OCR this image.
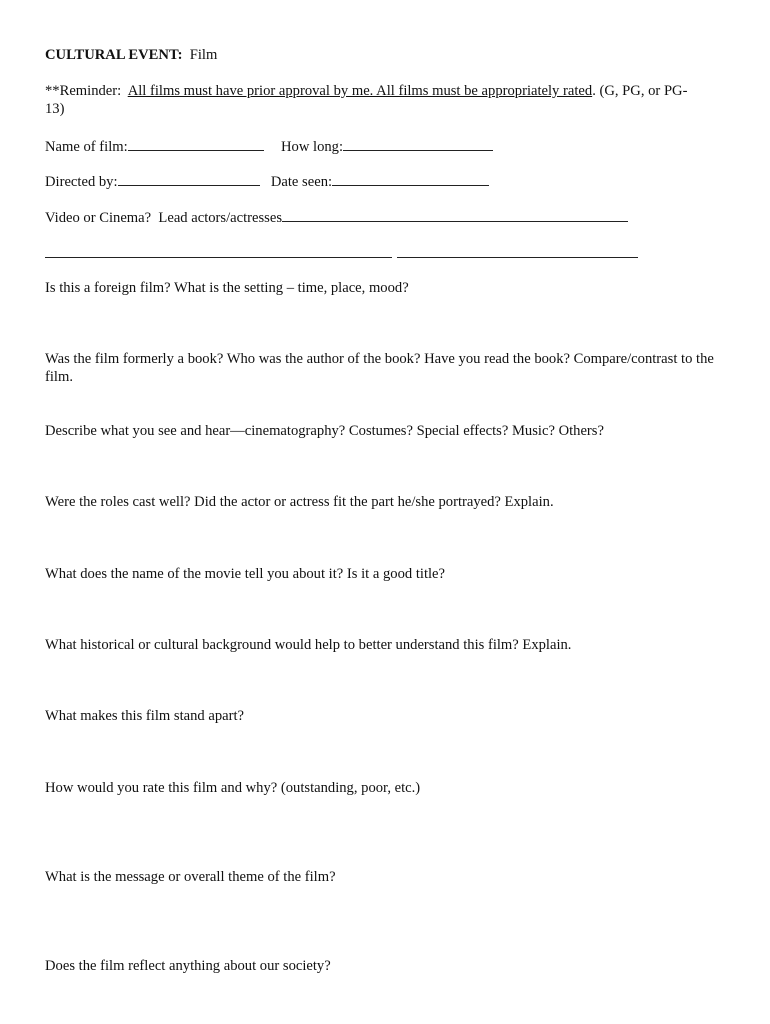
CULTURAL EVENT: Film
**Reminder: All films must have prior approval by me. All films must be appropriately rated. (G, PG, or PG-
13)
Name of film:	How long:
Directed by:	Date seen:
Video or Cinema? Lead actors/actresses
Is this a foreign film? What is the setting – time, place, mood?
Was the film formerly a book? Who was the author of the book? Have you read the book? Compare/contrast to the film.
Describe what you see and hear—cinematography? Costumes? Special effects? Music? Others?
Were the roles cast well? Did the actor or actress fit the part he/she portrayed? Explain.
What does the name of the movie tell you about it? Is it a good title?
What historical or cultural background would help to better understand this film? Explain.
What makes this film stand apart?
How would you rate this film and why? (outstanding, poor, etc.)
What is the message or overall theme of the film?
Does the film reflect anything about our society?
